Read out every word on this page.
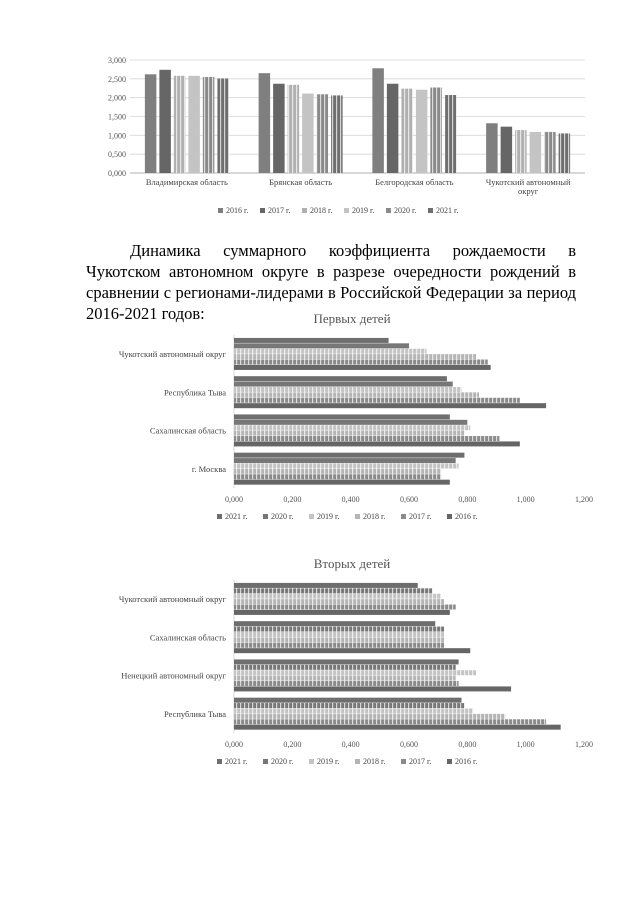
0,000
0,500
1,000
1,500
2,000
2,500
3,000
Владимирская область	Брянская область	Белгородская область	Чукотский автономный
округ
2016 г. 2017 г. 2018 г. 2019 г. 2020 г. 2021 г.
Динамика суммарного коэффициента рождаемости в Чукотском автономном округе в разрезе очередности рождений в сравнении с регионами-лидерами в Российской Федерации за период 2016-2021 годов:	Первых детей
Чукотский автономный округ
Республика Тыва
Сахалинская область
г. Москва
0,000	0,200	0,400	0,600	0,800	1,000	1,200
2021 г.	2020 г.	2019 г.	2018 г.	2017 г.	2016 г.
Вторых детей
Чукотский автономный округ
Сахалинская область
Ненецкий автономный округ
Республика Тыва
0,000	0,200	0,400	0,600	0,800	1,000	1,200
2021 г.	2020 г.	2019 г.	2018 г.	2017 г.	2016 г.
